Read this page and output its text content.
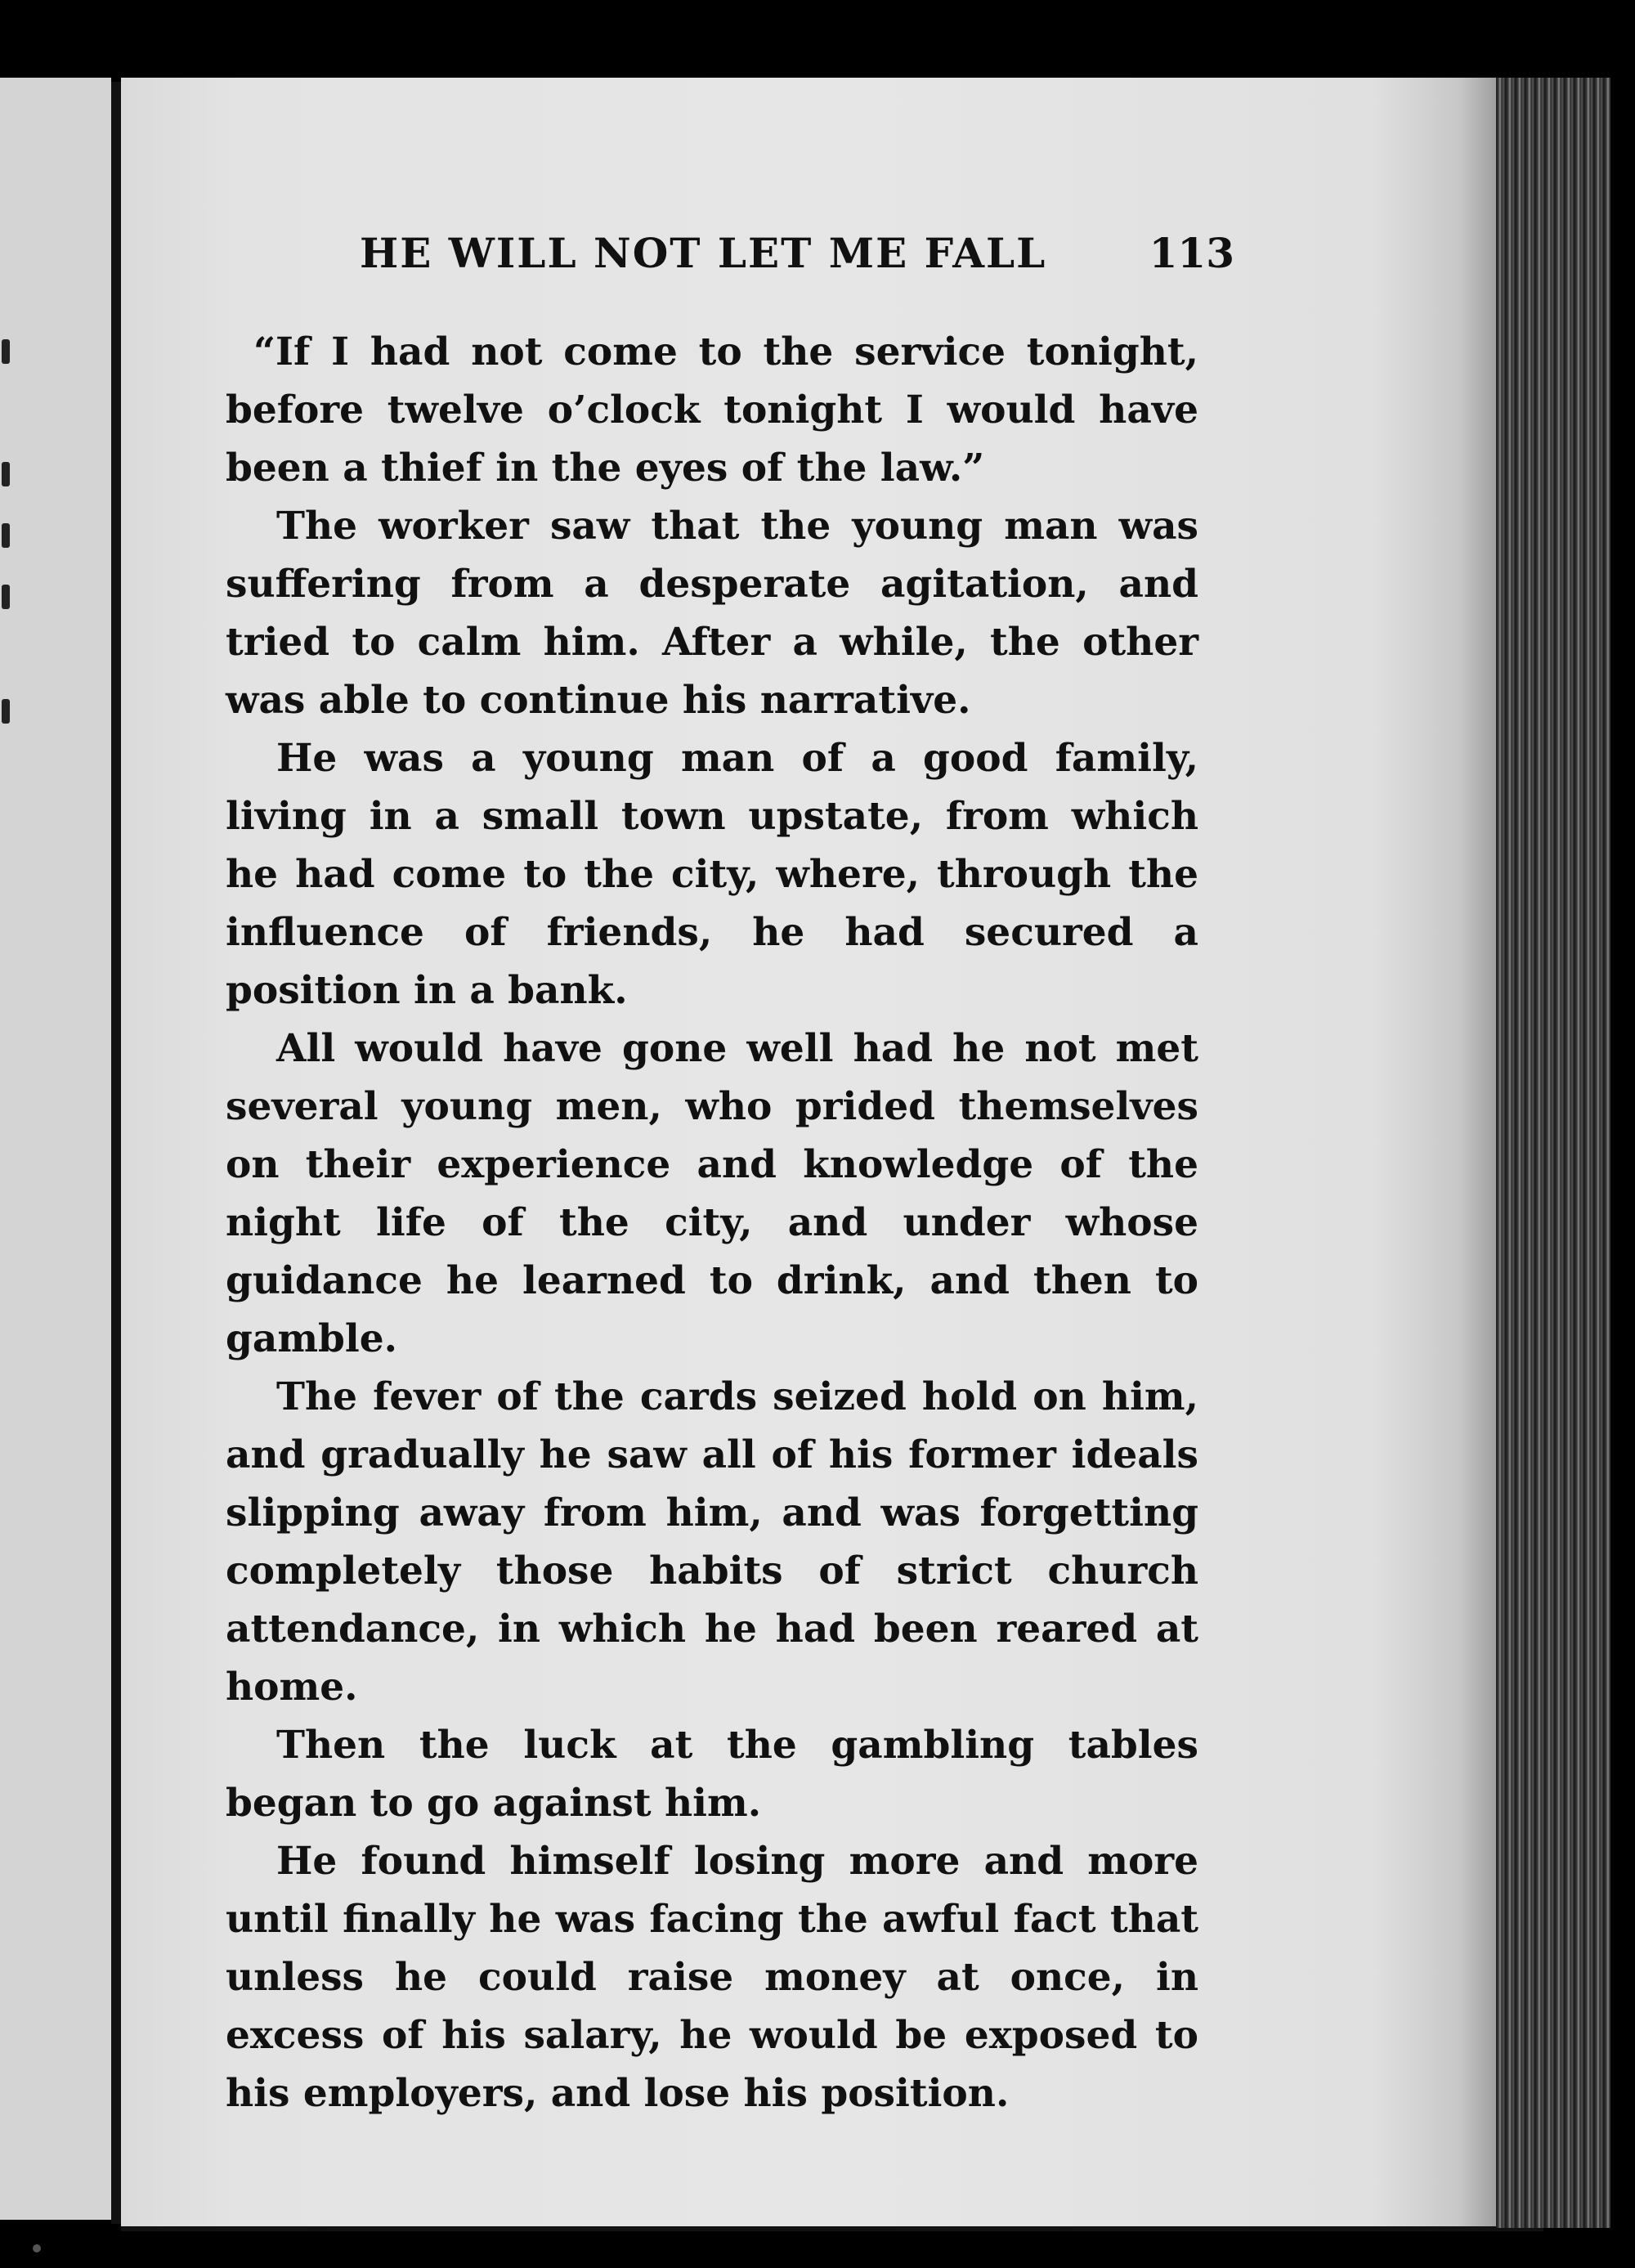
HE WILL NOT LET ME FALL	113

“If I had not come to the service tonight, before twelve o’clock tonight I would have been a thief in the eyes of the law.”

The worker saw that the young man was suffering from a desperate agitation, and tried to calm him. After a while, the other was able to continue his narrative.

He was a young man of a good family, living in a small town upstate, from which he had come to the city, where, through the influence of friends, he had secured a position in a bank.

All would have gone well had he not met several young men, who prided themselves on their experience and knowledge of the night life of the city, and under whose guidance he learned to drink, and then to gamble.

The fever of the cards seized hold on him, and gradually he saw all of his former ideals slipping away from him, and was forgetting completely those habits of strict church attendance, in which he had been reared at home.

Then the luck at the gambling tables began to go against him.

He found himself losing more and more until finally he was facing the awful fact that unless he could raise money at once, in excess of his salary, he would be exposed to his employers, and lose his position.
